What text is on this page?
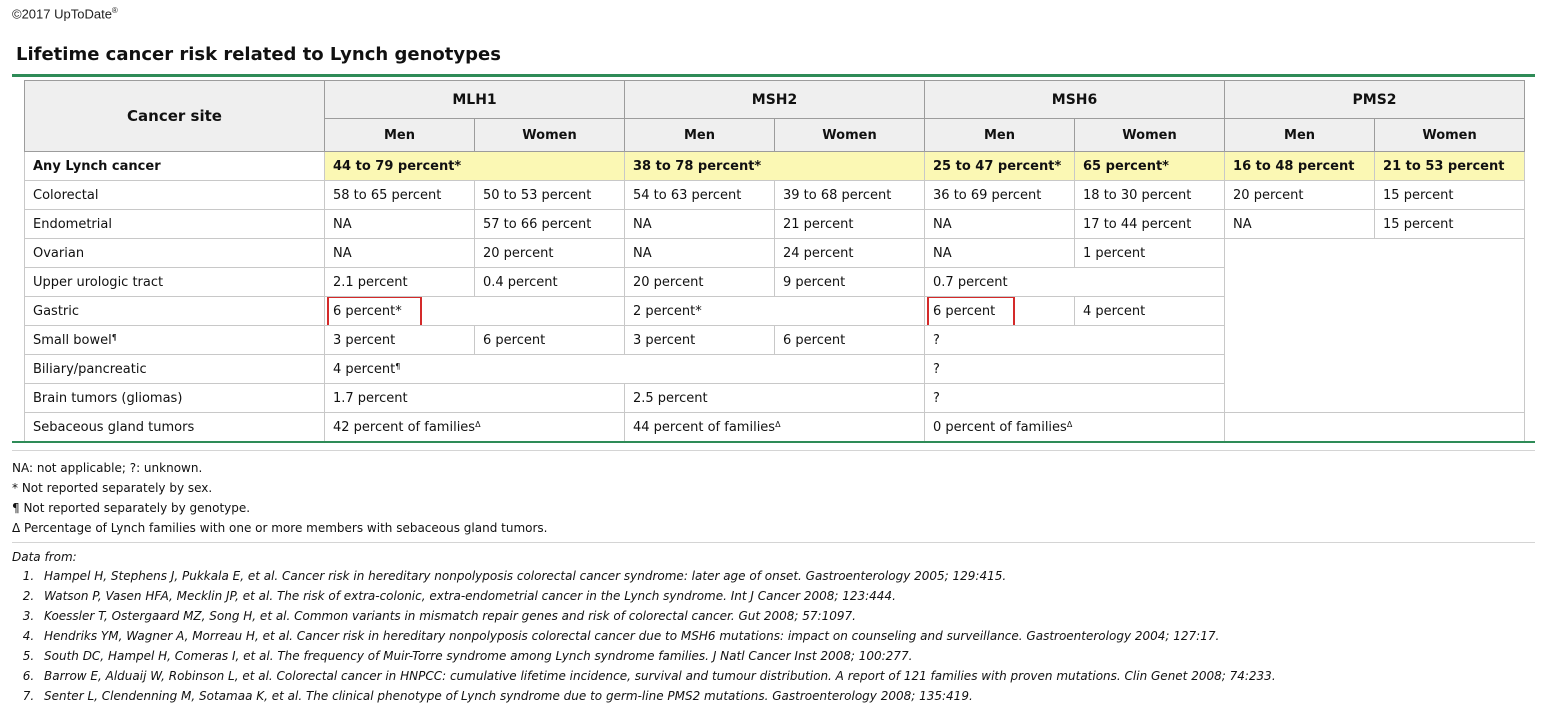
©2017 UpToDate®
Lifetime cancer risk related to Lynch genotypes
Cancer site	MLH1		MSH2		MSH6		PMS2	
	Men	Women	Men	Women	Men	Women	Men	Women
Any Lynch cancer	44 to 79 percent*		38 to 78 percent*		25 to 47 percent*	65 percent*	16 to 48 percent	21 to 53 percent
Colorectal	58 to 65 percent	50 to 53 percent	54 to 63 percent	39 to 68 percent	36 to 69 percent	18 to 30 percent	20 percent	15 percent
Endometrial	NA	57 to 66 percent	NA	21 percent	NA	17 to 44 percent	NA	15 percent
Ovarian	NA	20 percent	NA	24 percent	NA	1 percent		
Upper urologic tract	2.1 percent	0.4 percent	20 percent	9 percent	0.7 percent			
Gastric	6 percent*		2 percent*		6 percent	4 percent		
Small bowel¶	3 percent	6 percent	3 percent	6 percent	?			
Biliary/pancreatic	4 percent¶				?			
Brain tumors (gliomas)	1.7 percent		2.5 percent		?			
Sebaceous gland tumors	42 percent of families$^\Delta$		44 percent of families$^\Delta$		0 percent of families$^\Delta$	
NA: not applicable; ?: unknown.
* Not reported separately by sex.
¶ Not reported separately by genotype.
Δ Percentage of Lynch families with one or more members with sebaceous gland tumors.
Data from:
1. Hampel H, Stephens J, Pukkala E, et al. Cancer risk in hereditary nonpolyposis colorectal cancer syndrome: later age of onset. Gastroenterology 2005; 129:415.
2. Watson P, Vasen HFA, Mecklin JP, et al. The risk of extra-colonic, extra-endometrial cancer in the Lynch syndrome. Int J Cancer 2008; 123:444.
3. Koessler T, Ostergaard MZ, Song H, et al. Common variants in mismatch repair genes and risk of colorectal cancer. Gut 2008; 57:1097.
4. Hendriks YM, Wagner A, Morreau H, et al. Cancer risk in hereditary nonpolyposis colorectal cancer due to MSH6 mutations: impact on counseling and surveillance. Gastroenterology 2004; 127:17.
5. South DC, Hampel H, Comeras I, et al. The frequency of Muir-Torre syndrome among Lynch syndrome families. J Natl Cancer Inst 2008; 100:277.
6. Barrow E, Alduaij W, Robinson L, et al. Colorectal cancer in HNPCC: cumulative lifetime incidence, survival and tumour distribution. A report of 121 families with proven mutations. Clin Genet 2008; 74:233.
7. Senter L, Clendenning M, Sotamaa K, et al. The clinical phenotype of Lynch syndrome due to germ-line PMS2 mutations. Gastroenterology 2008; 135:419.
